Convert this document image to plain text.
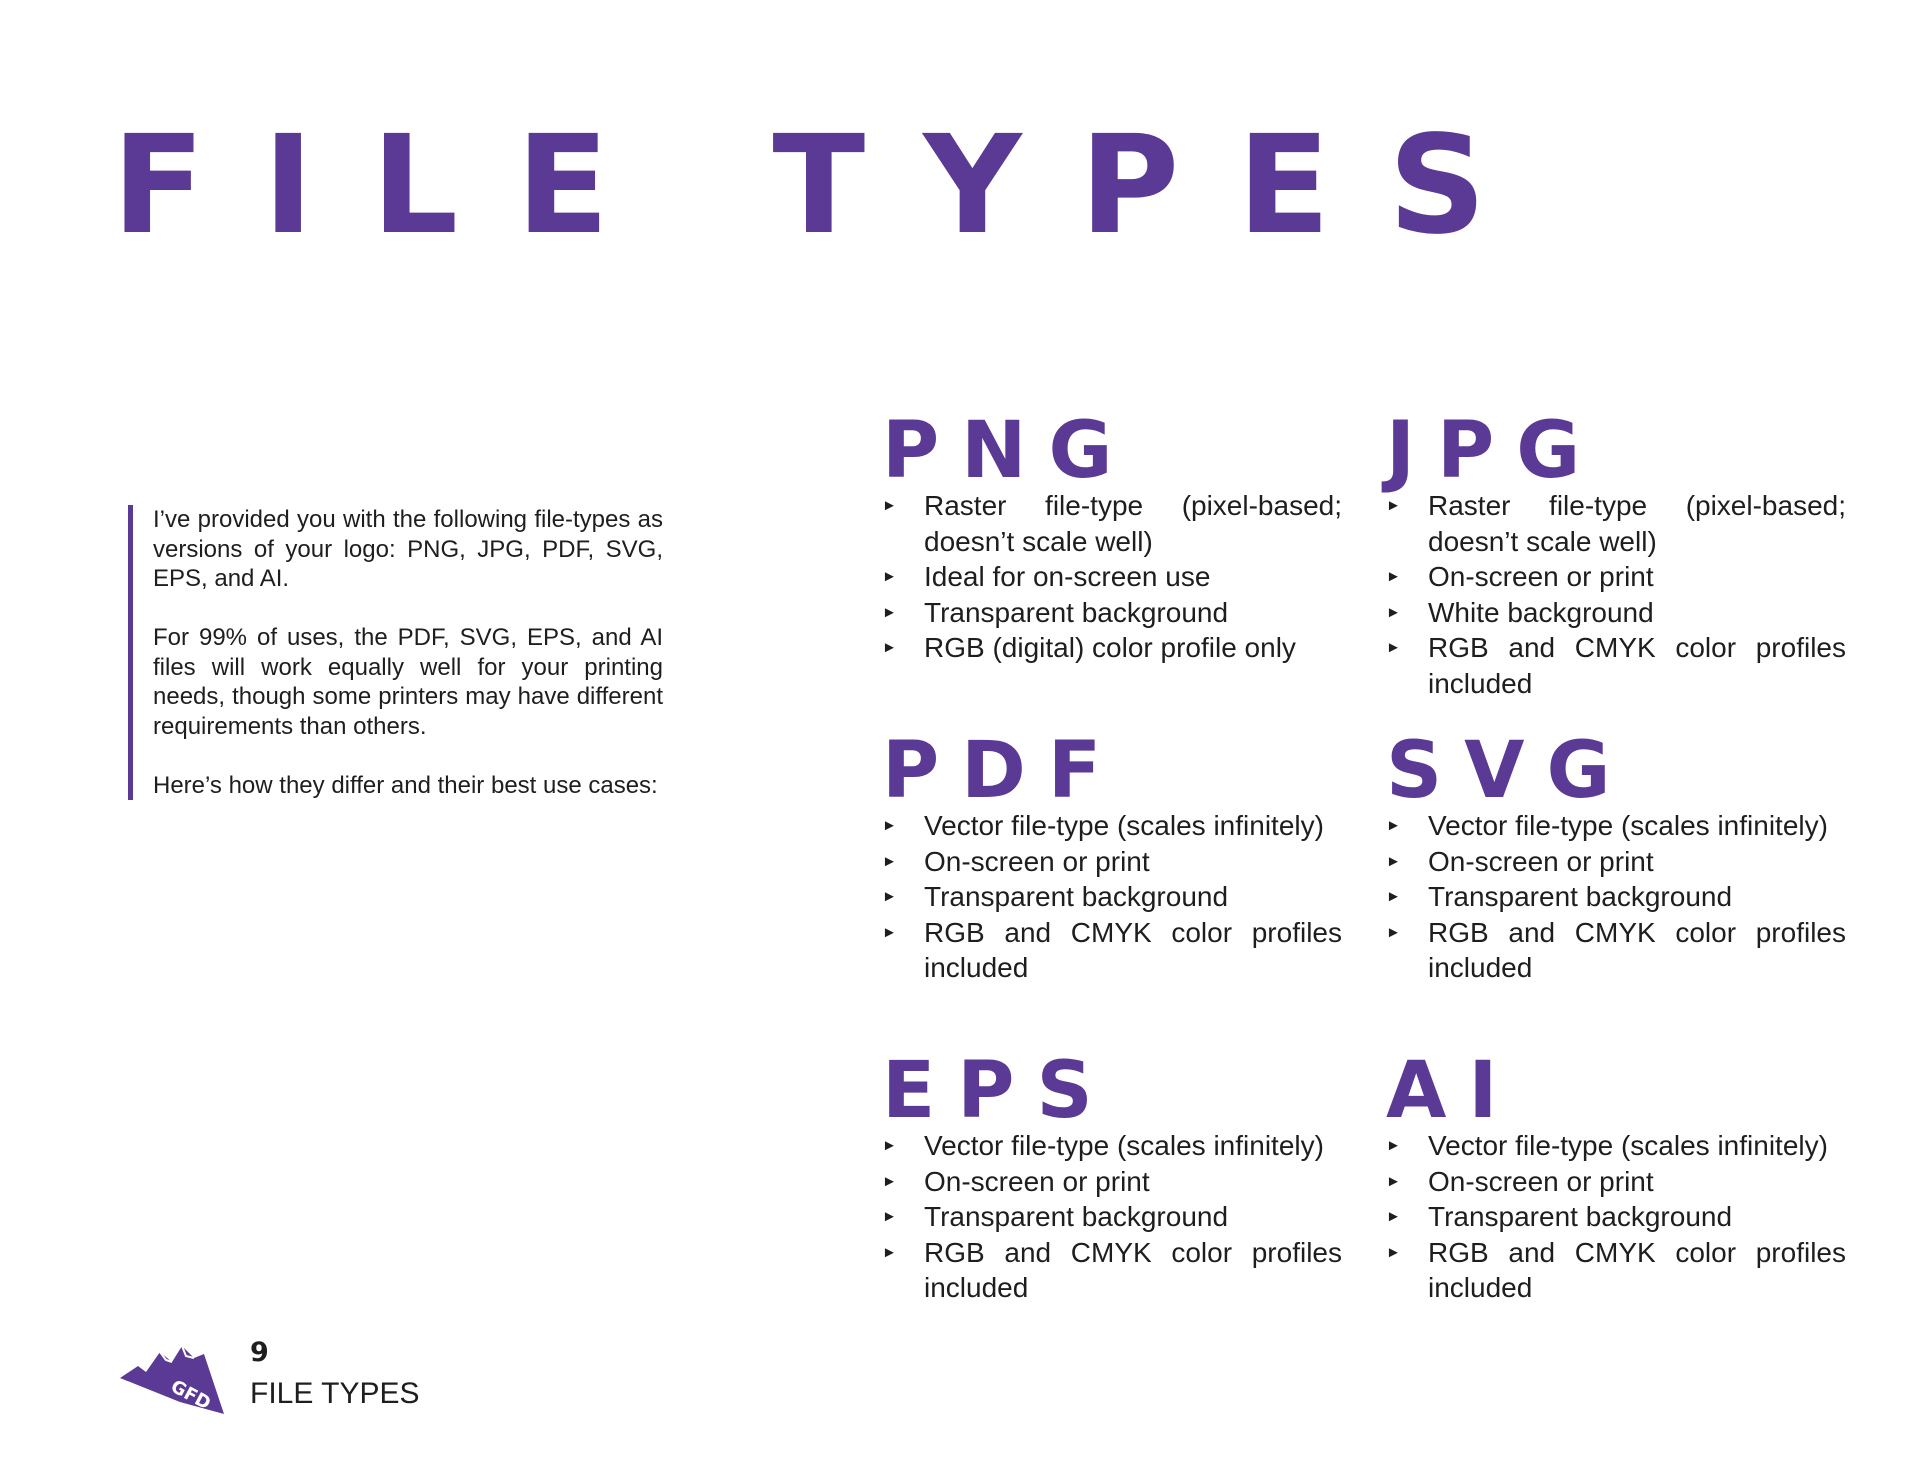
FILE TYPES

I’ve provided you with the following file-types as versions of your logo: PNG, JPG, PDF, SVG, EPS, and AI.

For 99% of uses, the PDF, SVG, EPS, and AI files will work equally well for your printing needs, though some printers may have different requirements than others.

Here’s how they differ and their best use cases:

PNG
► Raster file-type (pixel-based; doesn’t scale well)
► Ideal for on-screen use
► Transparent background
► RGB (digital) color profile only
JPG
► Raster file-type (pixel-based; doesn’t scale well)
► On-screen or print
► White background
► RGB and CMYK color profiles included
PDF
► Vector file-type (scales infinitely)
► On-screen or print
► Transparent background
► RGB and CMYK color profiles included
SVG
► Vector file-type (scales infinitely)
► On-screen or print
► Transparent background
► RGB and CMYK color profiles included
EPS
► Vector file-type (scales infinitely)
► On-screen or print
► Transparent background
► RGB and CMYK color profiles included
AI
► Vector file-type (scales infinitely)
► On-screen or print
► Transparent background
► RGB and CMYK color profiles included
GFD
9
FILE TYPES
